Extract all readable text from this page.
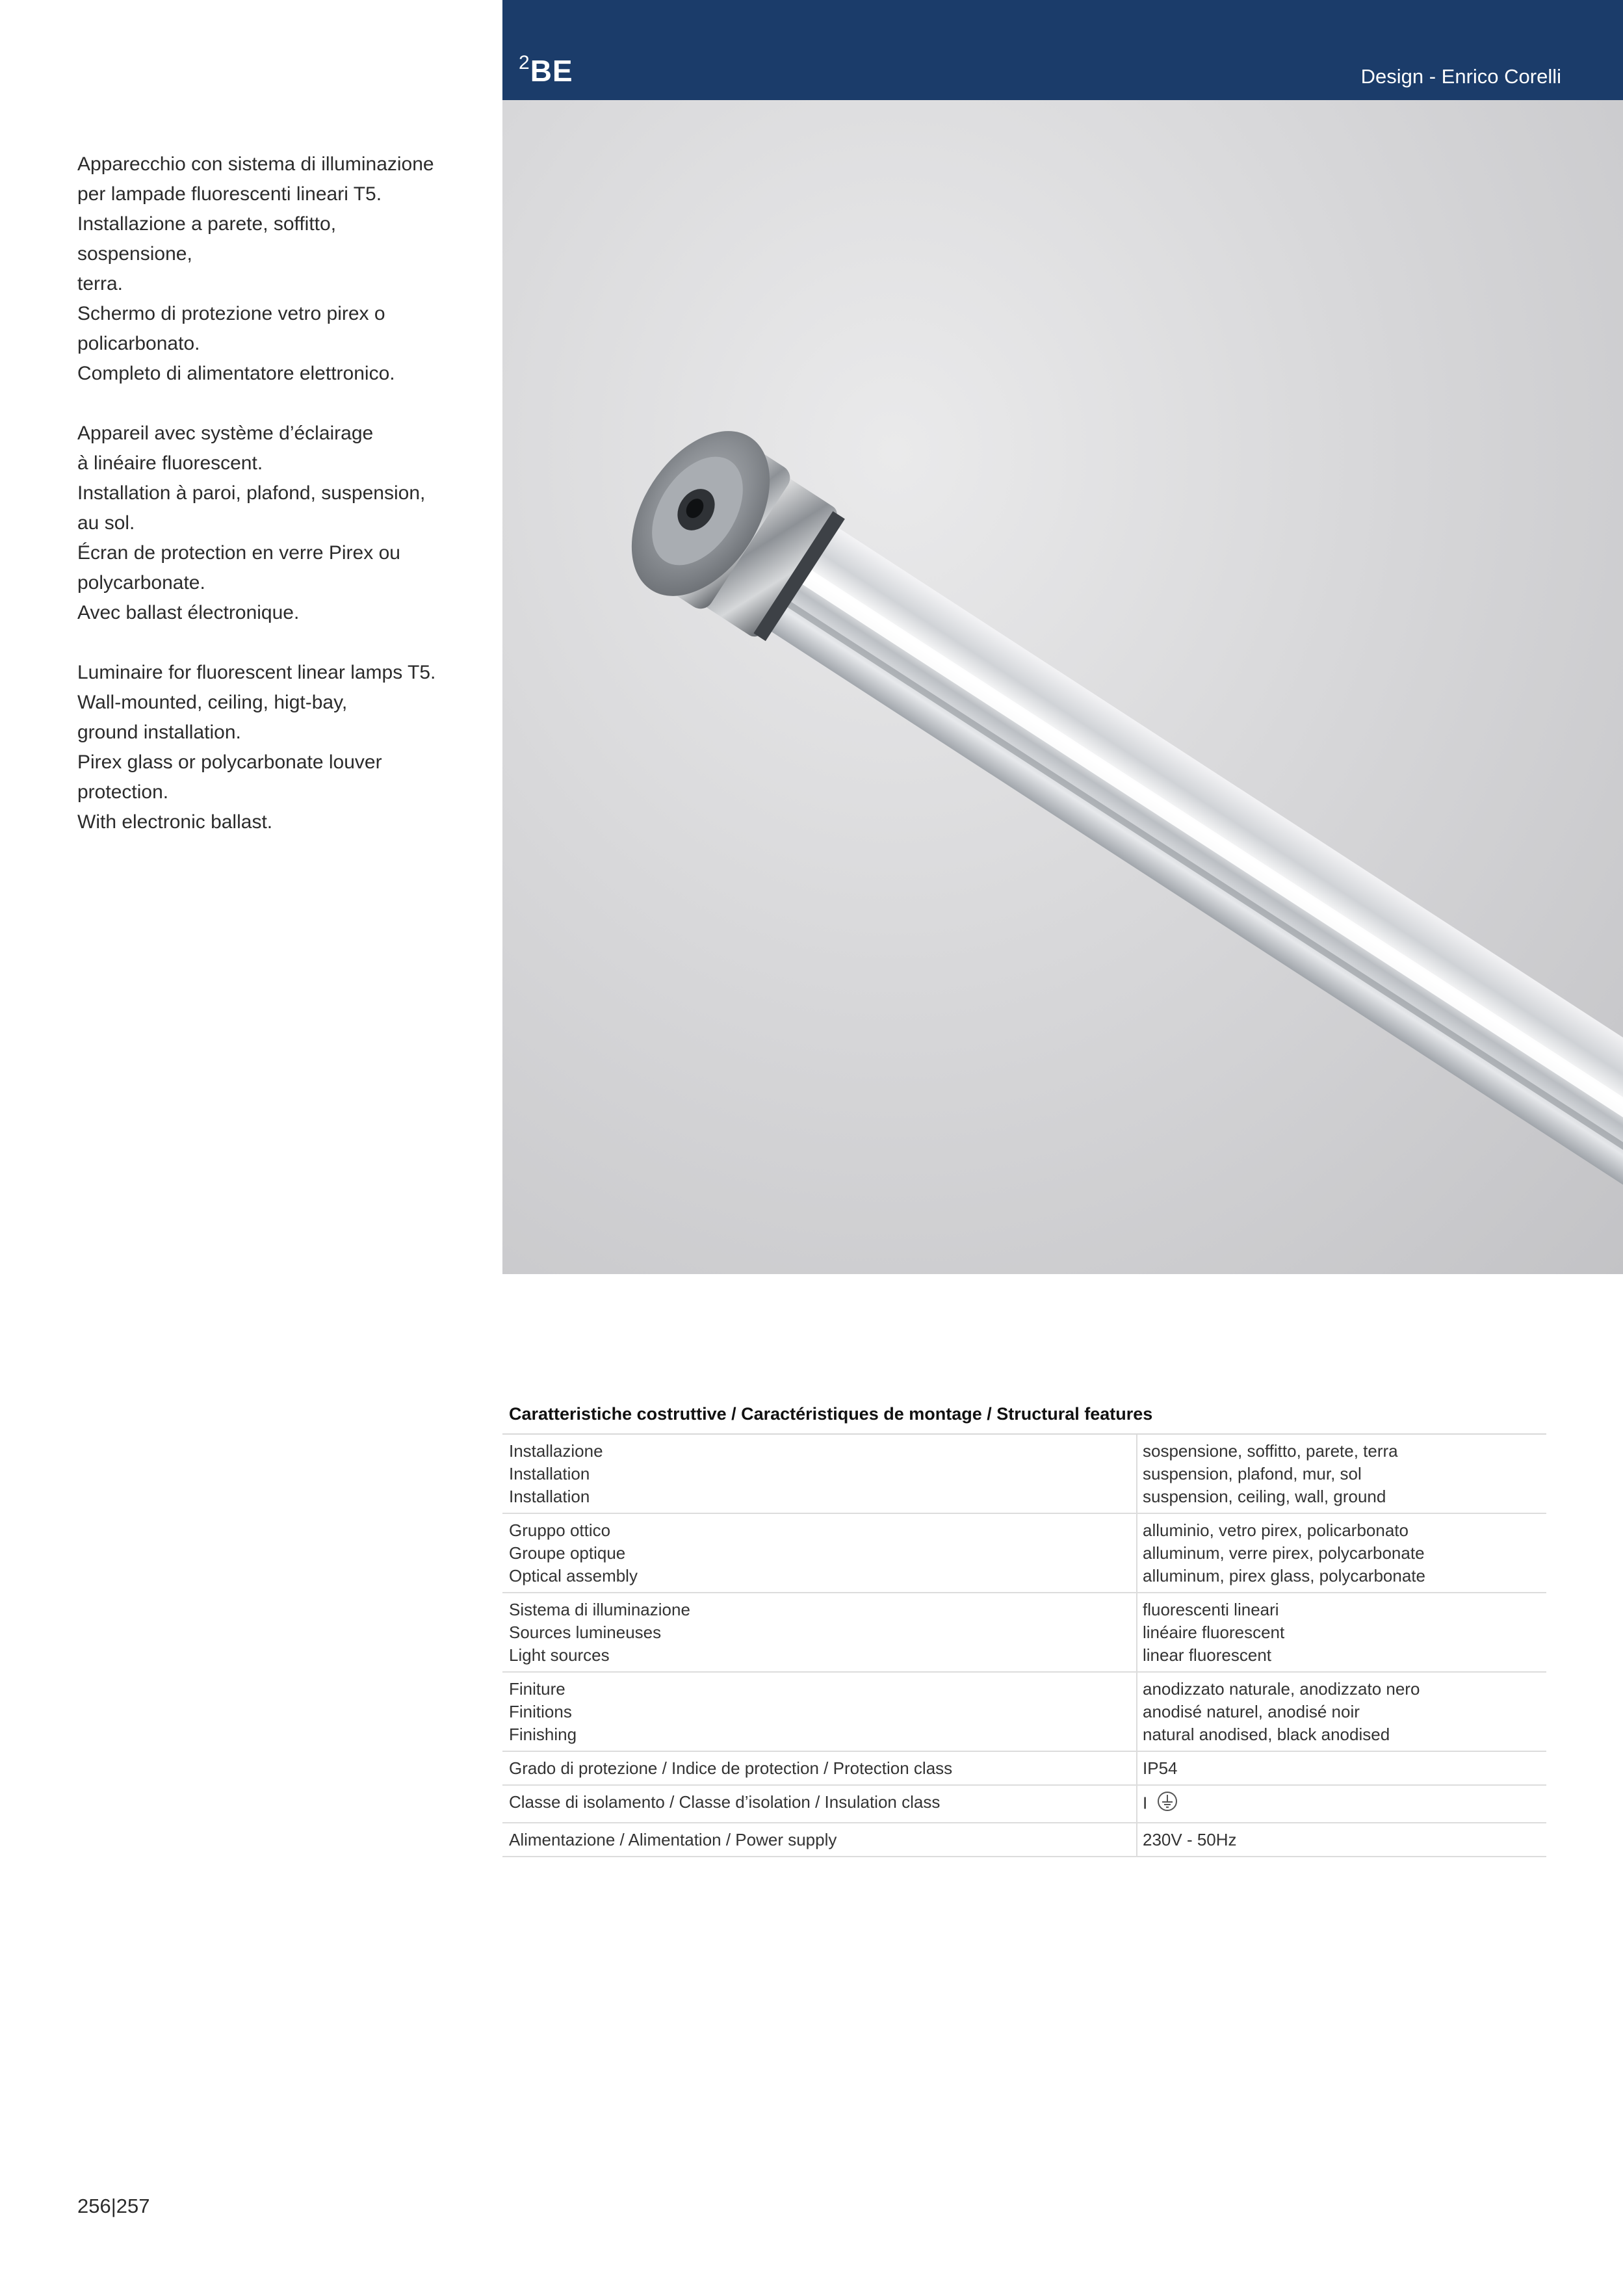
$^2$BE	Design - Enrico Corelli

Apparecchio con sistema di illuminazione
per lampade fluorescenti lineari T5.
Installazione a parete, soffitto, sospensione,
terra.
Schermo di protezione vetro pirex o
policarbonato.
Completo di alimentatore elettronico.

Appareil avec système d’éclairage
à linéaire fluorescent.
Installation à paroi, plafond, suspension,
au sol.
Écran de protection en verre Pirex ou
polycarbonate.
Avec ballast électronique.

Luminaire for fluorescent linear lamps T5.
Wall-mounted, ceiling, higt-bay,
ground installation.
Pirex glass or polycarbonate louver
protection.
With electronic ballast.

Caratteristiche costruttive / Caractéristiques de montage / Structural features
Installazione
Installation
Installation	sospensione, soffitto, parete, terra
suspension, plafond, mur, sol
suspension, ceiling, wall, ground

Gruppo ottico
Groupe optique
Optical assembly	alluminio, vetro pirex, policarbonato
alluminum, verre pirex, polycarbonate
alluminum, pirex glass, polycarbonate

Sistema di illuminazione
Sources lumineuses
Light sources	fluorescenti lineari
linéaire fluorescent
linear fluorescent

Finiture
Finitions
Finishing	anodizzato naturale, anodizzato nero
anodisé naturel, anodisé noir
natural anodised, black anodised

Grado di protezione / Indice de protection / Protection class	IP54
Classe di isolamento / Classe d’isolation / Insulation class	I
Alimentazione / Alimentation / Power supply	230V - 50Hz
256|257
